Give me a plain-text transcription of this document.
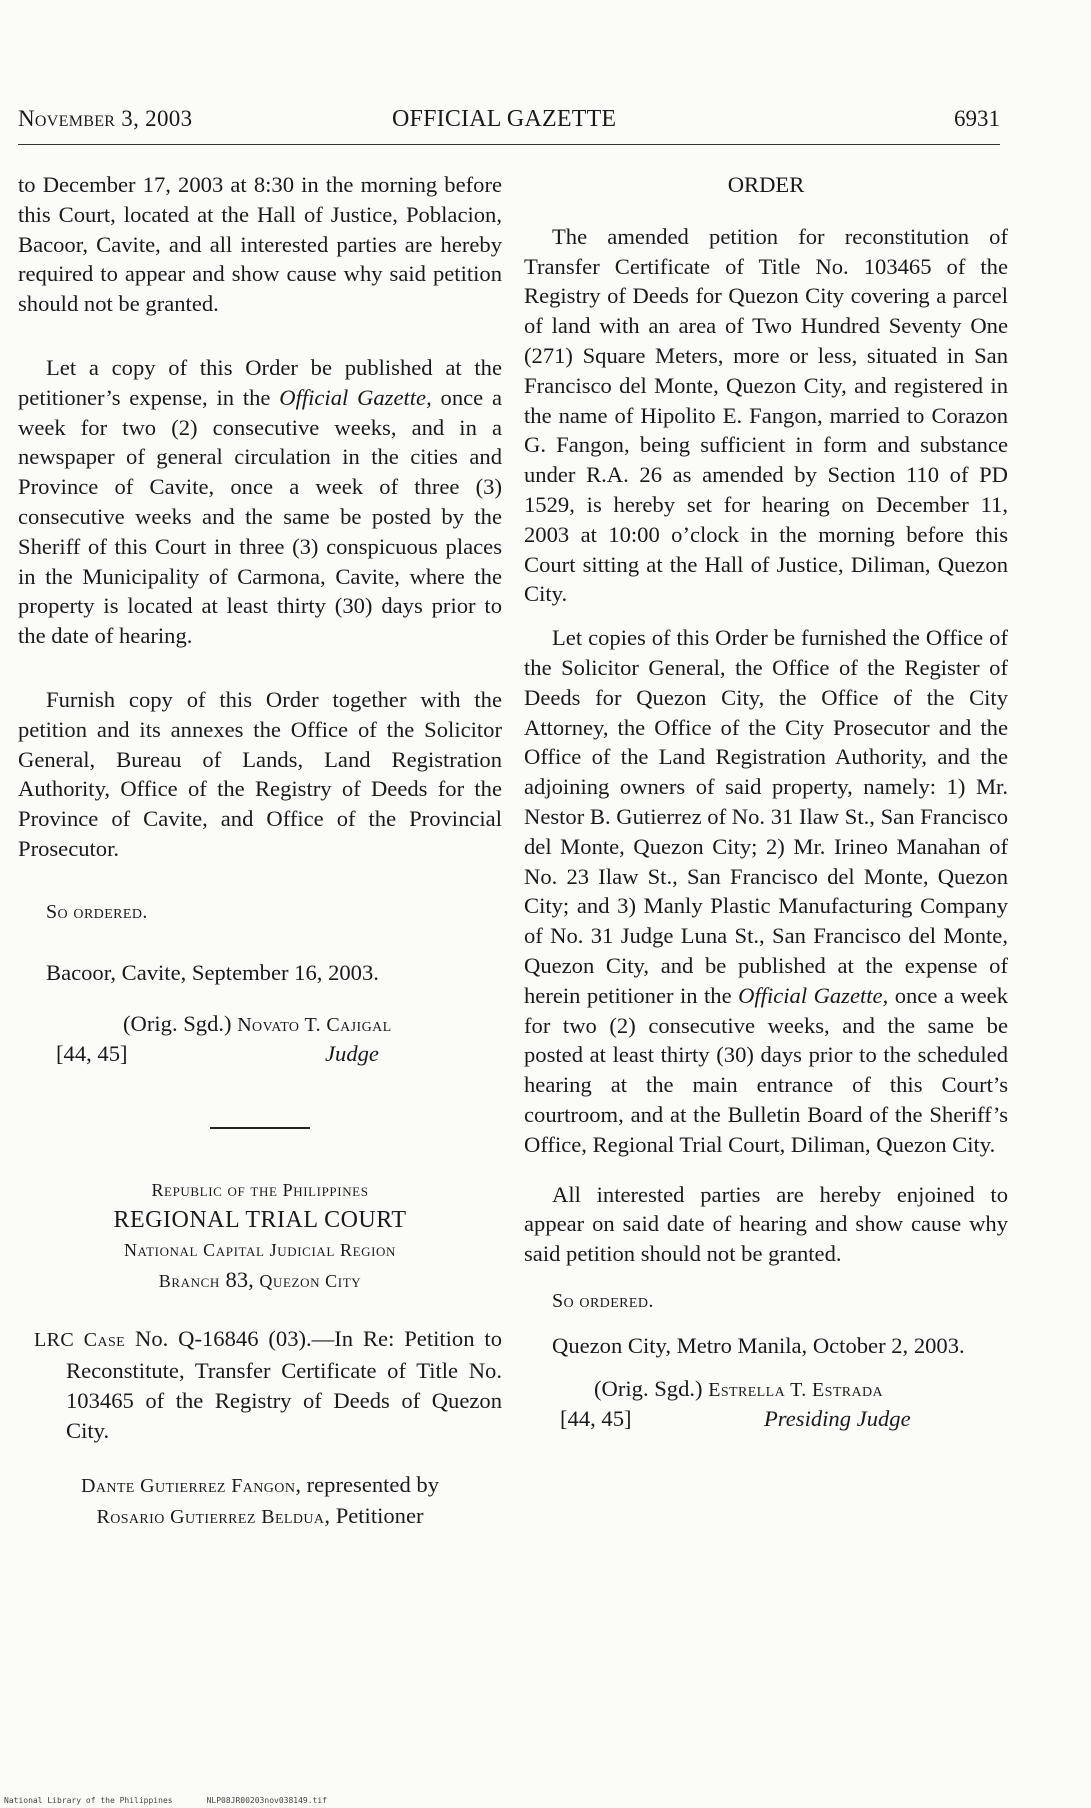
November 3, 2003	OFFICIAL GAZETTE	6931

to December 17, 2003 at 8:30 in the morning before this Court, located at the Hall of Justice, Poblacion, Bacoor, Cavite, and all interested parties are hereby required to appear and show cause why said petition should not be granted.

Let a copy of this Order be published at the petitioner’s expense, in the Official Gazette, once a week for two (2) consecutive weeks, and in a newspaper of general circulation in the cities and Province of Cavite, once a week of three (3) consecutive weeks and the same be posted by the Sheriff of this Court in three (3) conspicuous places in the Municipality of Carmona, Cavite, where the property is located at least thirty (30) days prior to the date of hearing.

Furnish copy of this Order together with the petition and its annexes the Office of the Solicitor General, Bureau of Lands, Land Registration Authority, Office of the Registry of Deeds for the Province of Cavite, and Office of the Provincial Prosecutor.

So ordered.

Bacoor, Cavite, September 16, 2003.

(Orig. Sgd.) Novato T. Cajigal
[44, 45]	Judge
Republic of the Philippines
REGIONAL TRIAL COURT
National Capital Judicial Region
Branch 83, Quezon City

LRC Case No. Q-16846 (03).—In Re: Petition to Reconstitute, Transfer Certificate of Title No. 103465 of the Registry of Deeds of Quezon City.

Dante Gutierrez Fangon, represented by
Rosario Gutierrez Beldua, Petitioner

ORDER

The amended petition for reconstitution of Transfer Certificate of Title No. 103465 of the Registry of Deeds for Quezon City covering a parcel of land with an area of Two Hundred Seventy One (271) Square Meters, more or less, situated in San Francisco del Monte, Quezon City, and registered in the name of Hipolito E. Fangon, married to Corazon G. Fangon, being sufficient in form and substance under R.A. 26 as amended by Section 110 of PD 1529, is hereby set for hearing on December 11, 2003 at 10:00 o’clock in the morning before this Court sitting at the Hall of Justice, Diliman, Quezon City.

Let copies of this Order be furnished the Office of the Solicitor General, the Office of the Register of Deeds for Quezon City, the Office of the City Attorney, the Office of the City Prosecutor and the Office of the Land Registration Authority, and the adjoining owners of said property, namely: 1) Mr. Nestor B. Gutierrez of No. 31 Ilaw St., San Francisco del Monte, Quezon City; 2) Mr. Irineo Manahan of No. 23 Ilaw St., San Francisco del Monte, Quezon City; and 3) Manly Plastic Manufacturing Company of No. 31 Judge Luna St., San Francisco del Monte, Quezon City, and be published at the expense of herein petitioner in the Official Gazette, once a week for two (2) consecutive weeks, and the same be posted at least thirty (30) days prior to the scheduled hearing at the main entrance of this Court’s courtroom, and at the Bulletin Board of the Sheriff’s Office, Regional Trial Court, Diliman, Quezon City.

All interested parties are hereby enjoined to appear on said date of hearing and show cause why said petition should not be granted.

So ordered.

Quezon City, Metro Manila, October 2, 2003.

(Orig. Sgd.) Estrella T. Estrada
[44, 45]	Presiding Judge
National Library of the Philippines	NLP08JR00203nov038149.tif
